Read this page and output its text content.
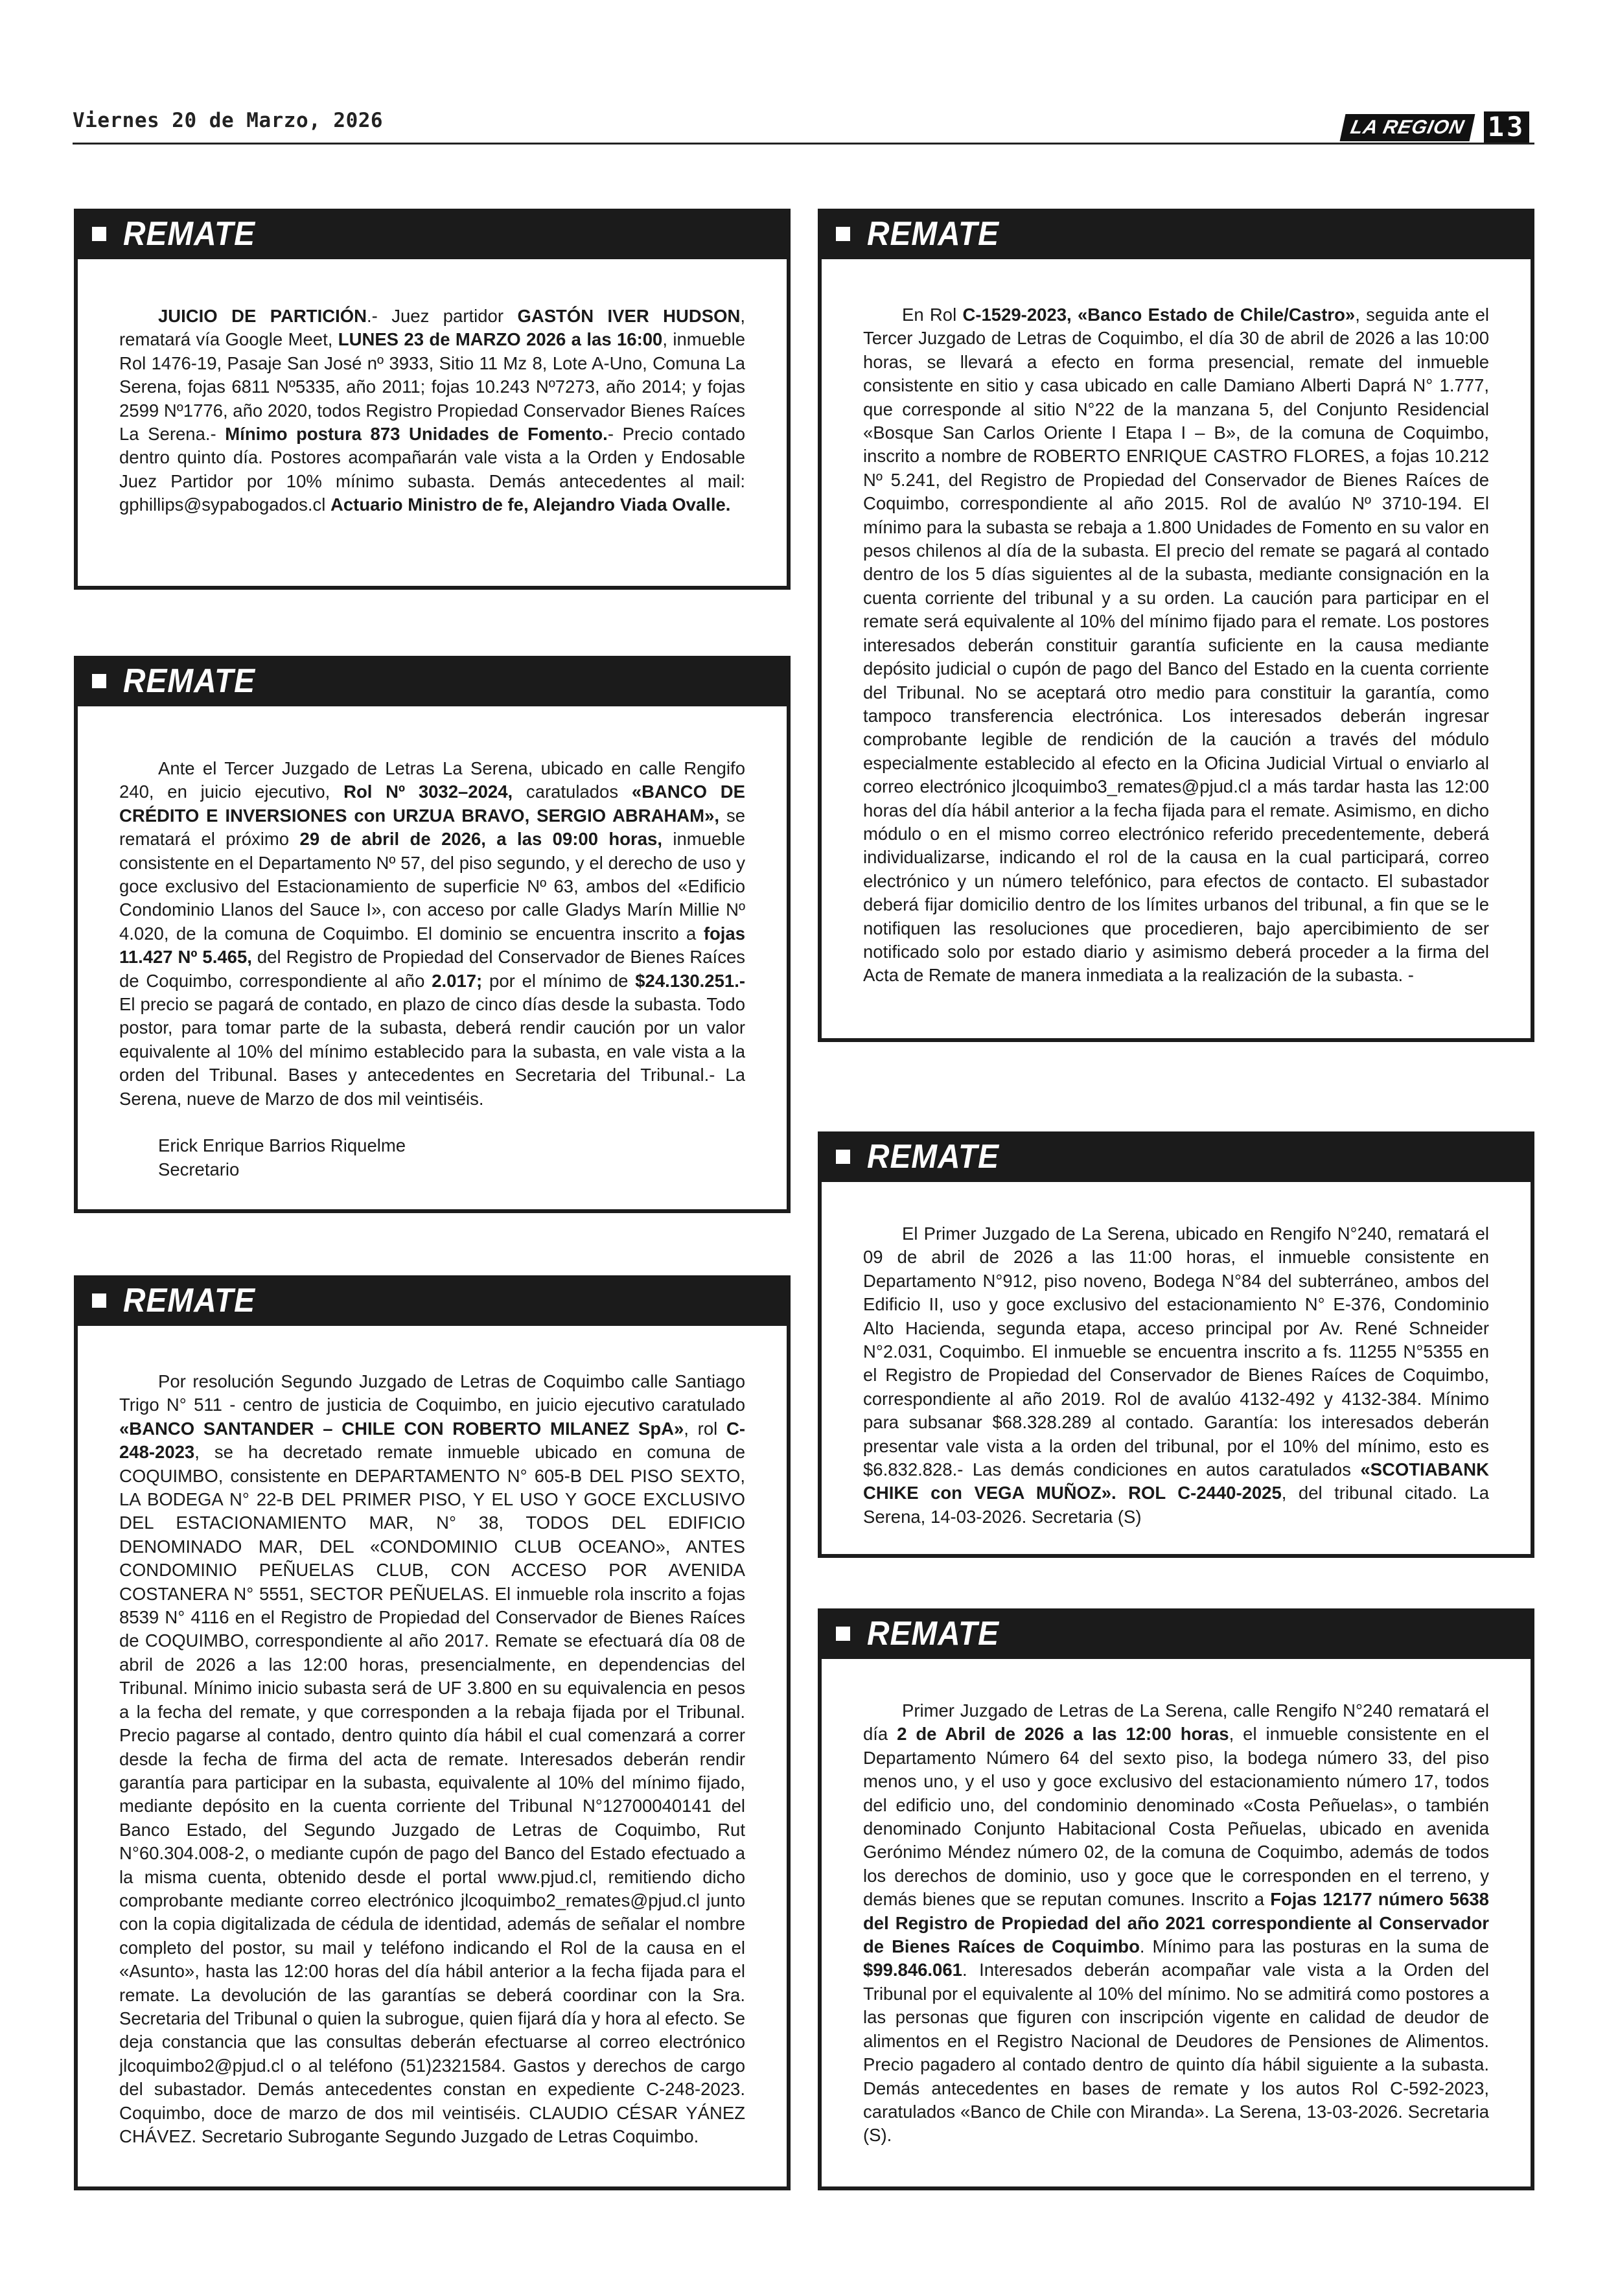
Viernes 20 de Marzo, 2026	LA REGION 13
REMATE

JUICIO DE PARTICIÓN.- Juez partidor GASTÓN IVER HUDSON, rematará vía Google Meet, LUNES 23 de MARZO 2026 a las 16:00, inmueble Rol 1476-19, Pasaje San José nº 3933, Sitio 11 Mz 8, Lote A-Uno, Comuna La Serena, fojas 6811 Nº5335, año 2011; fojas 10.243 Nº7273, año 2014; y fojas 2599 Nº1776, año 2020, todos Registro Propiedad Conservador Bienes Raíces La Serena.- Mínimo postura 873 Unidades de Fomento.- Precio contado dentro quinto día. Postores acompañarán vale vista a la Orden y Endosable Juez Partidor por 10% mínimo subasta. Demás antecedentes al mail: gphillips@sypabogados.cl Actuario Ministro de fe, Alejandro Viada Ovalle.

REMATE

Ante el Tercer Juzgado de Letras La Serena, ubicado en calle Rengifo 240, en juicio ejecutivo, Rol Nº 3032–2024, caratulados «BANCO DE CRÉDITO E INVERSIONES con URZUA BRAVO, SERGIO ABRAHAM», se rematará el próximo 29 de abril de 2026, a las 09:00 horas, inmueble consistente en el Departamento Nº 57, del piso segundo, y el derecho de uso y goce exclusivo del Estacionamiento de superficie Nº 63, ambos del «Edificio Condominio Llanos del Sauce I», con acceso por calle Gladys Marín Millie Nº 4.020, de la comuna de Coquimbo. El dominio se encuentra inscrito a fojas 11.427 Nº 5.465, del Registro de Propiedad del Conservador de Bienes Raíces de Coquimbo, correspondiente al año 2.017; por el mínimo de $24.130.251.- El precio se pagará de contado, en plazo de cinco días desde la subasta. Todo postor, para tomar parte de la subasta, deberá rendir caución por un valor equivalente al 10% del mínimo establecido para la subasta, en vale vista a la orden del Tribunal. Bases y antecedentes en Secretaria del Tribunal.- La Serena, nueve de Marzo de dos mil veintiséis.

Erick Enrique Barrios Riquelme

Secretario

REMATE

Por resolución Segundo Juzgado de Letras de Coquimbo calle Santiago Trigo N° 511 - centro de justicia de Coquimbo, en juicio ejecutivo caratulado «BANCO SANTANDER – CHILE CON ROBERTO MILANEZ SpA», rol C-248-2023, se ha decretado remate inmueble ubicado en comuna de COQUIMBO, consistente en DEPARTAMENTO N° 605-B DEL PISO SEXTO, LA BODEGA N° 22-B DEL PRIMER PISO, Y EL USO Y GOCE EXCLUSIVO DEL ESTACIONAMIENTO MAR, N° 38, TODOS DEL EDIFICIO DENOMINADO MAR, DEL «CONDOMINIO CLUB OCEANO», ANTES CONDOMINIO PEÑUELAS CLUB, CON ACCESO POR AVENIDA COSTANERA N° 5551, SECTOR PEÑUELAS. El inmueble rola inscrito a fojas 8539 N° 4116 en el Registro de Propiedad del Conservador de Bienes Raíces de COQUIMBO, correspondiente al año 2017. Remate se efectuará día 08 de abril de 2026 a las 12:00 horas, presencialmente, en dependencias del Tribunal. Mínimo inicio subasta será de UF 3.800 en su equivalencia en pesos a la fecha del remate, y que corresponden a la rebaja fijada por el Tribunal. Precio pagarse al contado, dentro quinto día hábil el cual comenzará a correr desde la fecha de firma del acta de remate. Interesados deberán rendir garantía para participar en la subasta, equivalente al 10% del mínimo fijado, mediante depósito en la cuenta corriente del Tribunal N°12700040141 del Banco Estado, del Segundo Juzgado de Letras de Coquimbo, Rut N°60.304.008-2, o mediante cupón de pago del Banco del Estado efectuado a la misma cuenta, obtenido desde el portal www.pjud.cl, remitiendo dicho comprobante mediante correo electrónico jlcoquimbo2_remates@pjud.cl junto con la copia digitalizada de cédula de identidad, además de señalar el nombre completo del postor, su mail y teléfono indicando el Rol de la causa en el «Asunto», hasta las 12:00 horas del día hábil anterior a la fecha fijada para el remate. La devolución de las garantías se deberá coordinar con la Sra. Secretaria del Tribunal o quien la subrogue, quien fijará día y hora al efecto. Se deja constancia que las consultas deberán efectuarse al correo electrónico jlcoquimbo2@pjud.cl o al teléfono (51)2321584. Gastos y derechos de cargo del subastador. Demás antecedentes constan en expediente C-248-2023. Coquimbo, doce de marzo de dos mil veintiséis. CLAUDIO CÉSAR YÁNEZ CHÁVEZ. Secretario Subrogante Segundo Juzgado de Letras Coquimbo.

REMATE

En Rol C-1529-2023, «Banco Estado de Chile/Castro», seguida ante el Tercer Juzgado de Letras de Coquimbo, el día 30 de abril de 2026 a las 10:00 horas, se llevará a efecto en forma presencial, remate del inmueble consistente en sitio y casa ubicado en calle Damiano Alberti Daprá N° 1.777, que corresponde al sitio N°22 de la manzana 5, del Conjunto Residencial «Bosque San Carlos Oriente I Etapa I – B», de la comuna de Coquimbo, inscrito a nombre de ROBERTO ENRIQUE CASTRO FLORES, a fojas 10.212 Nº 5.241, del Registro de Propiedad del Conservador de Bienes Raíces de Coquimbo, correspondiente al año 2015. Rol de avalúo Nº 3710-194. El mínimo para la subasta se rebaja a 1.800 Unidades de Fomento en su valor en pesos chilenos al día de la subasta. El precio del remate se pagará al contado dentro de los 5 días siguientes al de la subasta, mediante consignación en la cuenta corriente del tribunal y a su orden. La caución para participar en el remate será equivalente al 10% del mínimo fijado para el remate. Los postores interesados deberán constituir garantía suficiente en la causa mediante depósito judicial o cupón de pago del Banco del Estado en la cuenta corriente del Tribunal. No se aceptará otro medio para constituir la garantía, como tampoco transferencia electrónica. Los interesados deberán ingresar comprobante legible de rendición de la caución a través del módulo especialmente establecido al efecto en la Oficina Judicial Virtual o enviarlo al correo electrónico jlcoquimbo3_remates@pjud.cl a más tardar hasta las 12:00 horas del día hábil anterior a la fecha fijada para el remate. Asimismo, en dicho módulo o en el mismo correo electrónico referido precedentemente, deberá individualizarse, indicando el rol de la causa en la cual participará, correo electrónico y un número telefónico, para efectos de contacto. El subastador deberá fijar domicilio dentro de los límites urbanos del tribunal, a fin que se le notifiquen las resoluciones que procedieren, bajo apercibimiento de ser notificado solo por estado diario y asimismo deberá proceder a la firma del Acta de Remate de manera inmediata a la realización de la subasta. -

REMATE

El Primer Juzgado de La Serena, ubicado en Rengifo N°240, rematará el 09 de abril de 2026 a las 11:00 horas, el inmueble consistente en Departamento N°912, piso noveno, Bodega N°84 del subterráneo, ambos del Edificio II, uso y goce exclusivo del estacionamiento N° E-376, Condominio Alto Hacienda, segunda etapa, acceso principal por Av. René Schneider N°2.031, Coquimbo. El inmueble se encuentra inscrito a fs. 11255 N°5355 en el Registro de Propiedad del Conservador de Bienes Raíces de Coquimbo, correspondiente al año 2019. Rol de avalúo 4132-492 y 4132-384. Mínimo para subsanar $68.328.289 al contado. Garantía: los interesados deberán presentar vale vista a la orden del tribunal, por el 10% del mínimo, esto es $6.832.828.- Las demás condiciones en autos caratulados «SCOTIABANK CHIKE con VEGA MUÑOZ». ROL C-2440-2025, del tribunal citado. La Serena, 14-03-2026. Secretaria (S)

REMATE

Primer Juzgado de Letras de La Serena, calle Rengifo N°240 rematará el día 2 de Abril de 2026 a las 12:00 horas, el inmueble consistente en el Departamento Número 64 del sexto piso, la bodega número 33, del piso menos uno, y el uso y goce exclusivo del estacionamiento número 17, todos del edificio uno, del condominio denominado «Costa Peñuelas», o también denominado Conjunto Habitacional Costa Peñuelas, ubicado en avenida Gerónimo Méndez número 02, de la comuna de Coquimbo, además de todos los derechos de dominio, uso y goce que le corresponden en el terreno, y demás bienes que se reputan comunes. Inscrito a Fojas 12177 número 5638 del Registro de Propiedad del año 2021 correspondiente al Conservador de Bienes Raíces de Coquimbo. Mínimo para las posturas en la suma de $99.846.061. Interesados deberán acompañar vale vista a la Orden del Tribunal por el equivalente al 10% del mínimo. No se admitirá como postores a las personas que figuren con inscripción vigente en calidad de deudor de alimentos en el Registro Nacional de Deudores de Pensiones de Alimentos. Precio pagadero al contado dentro de quinto día hábil siguiente a la subasta. Demás antecedentes en bases de remate y los autos Rol C-592-2023, caratulados «Banco de Chile con Miranda». La Serena, 13-03-2026. Secretaria (S).
